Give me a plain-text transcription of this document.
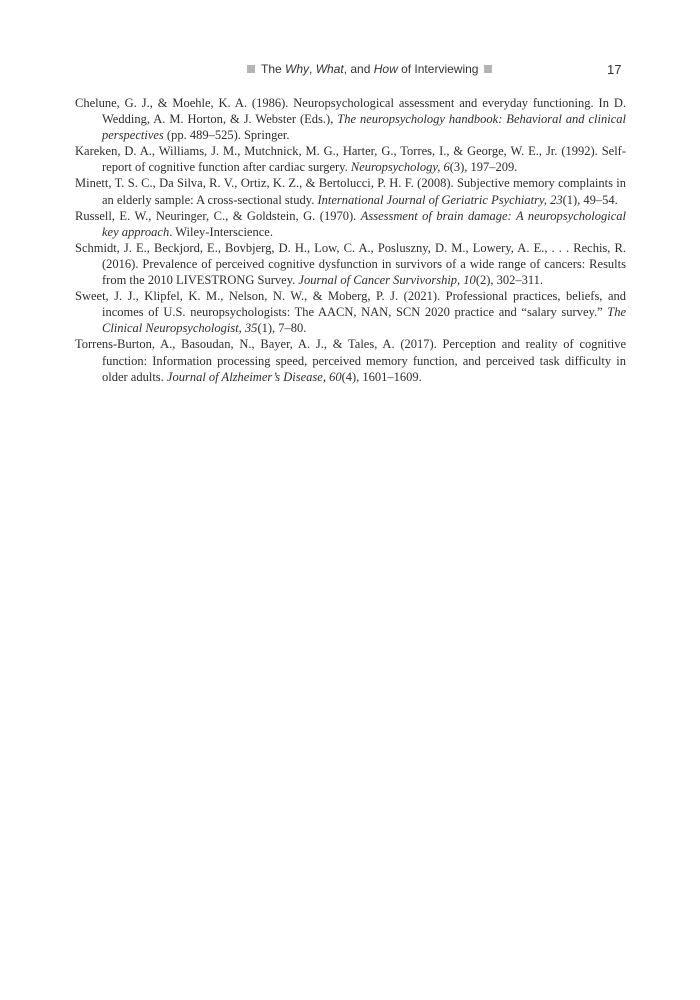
The Why, What, and How of Interviewing	17
Chelune, G. J., & Moehle, K. A. (1986). Neuropsychological assessment and everyday functioning. In D. Wedding, A. M. Horton, & J. Webster (Eds.), The neuropsychology handbook: Behavioral and clinical perspectives (pp. 489–525). Springer.
Kareken, D. A., Williams, J. M., Mutchnick, M. G., Harter, G., Torres, I., & George, W. E., Jr. (1992). Self-report of cognitive function after cardiac surgery. Neuropsychology, 6(3), 197–209.
Minett, T. S. C., Da Silva, R. V., Ortiz, K. Z., & Bertolucci, P. H. F. (2008). Subjective memory complaints in an elderly sample: A cross-sectional study. International Journal of Geriatric Psychiatry, 23(1), 49–54.
Russell, E. W., Neuringer, C., & Goldstein, G. (1970). Assessment of brain damage: A neuropsychological key approach. Wiley-Interscience.
Schmidt, J. E., Beckjord, E., Bovbjerg, D. H., Low, C. A., Posluszny, D. M., Lowery, A. E., . . . Rechis, R. (2016). Prevalence of perceived cognitive dysfunction in survivors of a wide range of cancers: Results from the 2010 LIVESTRONG Survey. Journal of Cancer Survivorship, 10(2), 302–311.
Sweet, J. J., Klipfel, K. M., Nelson, N. W., & Moberg, P. J. (2021). Professional practices, beliefs, and incomes of U.S. neuropsychologists: The AACN, NAN, SCN 2020 practice and “salary survey.” The Clinical Neuropsychologist, 35(1), 7–80.
Torrens-Burton, A., Basoudan, N., Bayer, A. J., & Tales, A. (2017). Perception and reality of cognitive function: Information processing speed, perceived memory function, and perceived task difficulty in older adults. Journal of Alzheimer’s Disease, 60(4), 1601–1609.
